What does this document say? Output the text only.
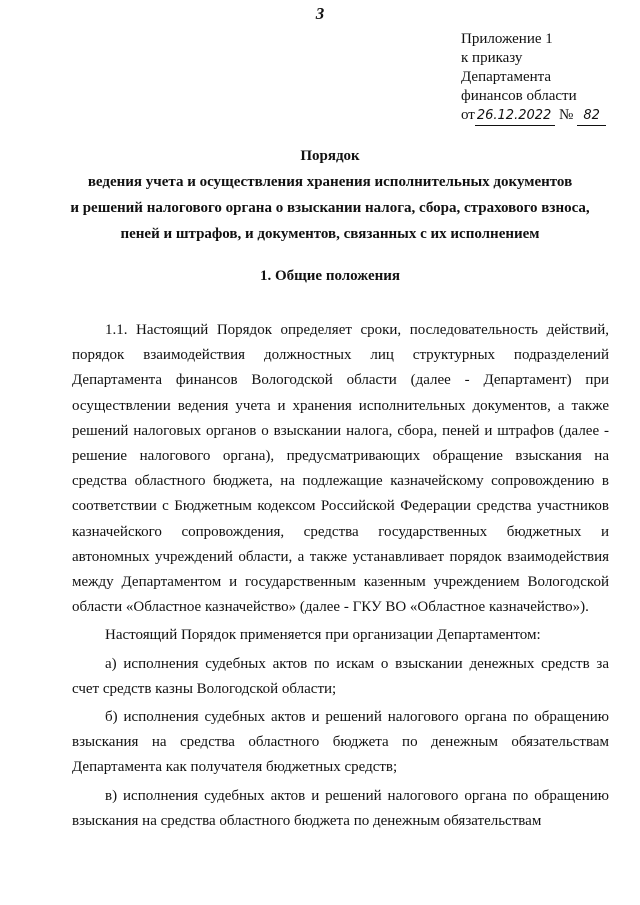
3
Приложение 1
к приказу
Департамента
финансов области
от 26.12.2022 № 82
Порядок
ведения учета и осуществления хранения исполнительных документов
и решений налогового органа о взыскании налога, сбора, страхового взноса,
пеней и штрафов, и документов, связанных с их исполнением
1. Общие положения

1.1. Настоящий Порядок определяет сроки, последовательность действий, порядок взаимодействия должностных лиц структурных подразделений Департамента финансов Вологодской области (далее - Департамент) при осуществлении ведения учета и хранения исполнительных документов, а также решений налоговых органов о взыскании налога, сбора, пеней и штрафов (далее - решение налогового органа), предусматривающих обращение взыскания на средства областного бюджета, на подлежащие казначейскому сопровождению в соответствии с Бюджетным кодексом Российской Федерации средства участников казначейского сопровождения, средства государственных бюджетных и автономных учреждений области, а также устанавливает порядок взаимодействия между Департаментом и государственным казенным учреждением Вологодской области «Областное казначейство» (далее - ГКУ ВО «Областное казначейство»).

Настоящий Порядок применяется при организации Департаментом:

а) исполнения судебных актов по искам о взыскании денежных средств за счет средств казны Вологодской области;

б) исполнения судебных актов и решений налогового органа по обращению взыскания на средства областного бюджета по денежным обязательствам Департамента как получателя бюджетных средств;

в) исполнения судебных актов и решений налогового органа по обращению взыскания на средства областного бюджета по денежным обязательствам
